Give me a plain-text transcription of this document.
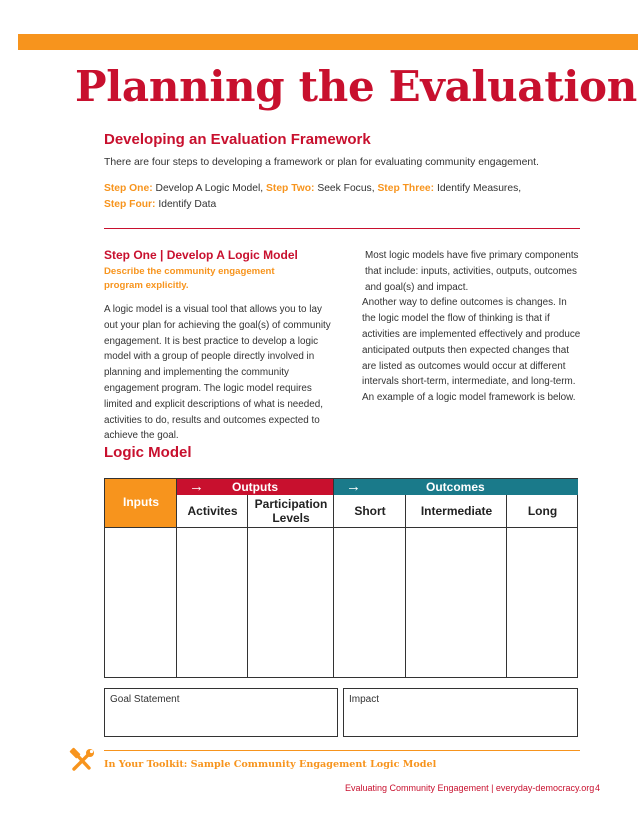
Planning the Evaluation
Developing an Evaluation Framework
There are four steps to developing a framework or plan for evaluating community engagement.
Step One: Develop A Logic Model, Step Two: Seek Focus, Step Three: Identify Measures,
Step Four: Identify Data
Step One | Develop A Logic Model
Describe the community engagement program explicitly.
A logic model is a visual tool that allows you to lay out your plan for achieving the goal(s) of community engagement. It is best practice to develop a logic model with a group of people directly involved in planning and implementing the community engagement program. The logic model requires limited and explicit descriptions of what is needed, activities to do, results and outcomes expected to achieve the goal.

Most logic models have five primary components that include: inputs, activities, outputs, outcomes and goal(s) and impact.

Another way to define outcomes is changes. In the logic model the flow of thinking is that if activities are implemented effectively and produce anticipated outputs then expected changes that are listed as outcomes would occur at different intervals short-term, intermediate, and long-term. An example of a logic model framework is below.

Logic Model
Inputs
→ Outputs	→	Outcomes
Activites	Participation Levels	Short	Intermediate	Long
Goal Statement	Impact
In Your Toolkit: Sample Community Engagement Logic Model
Evaluating Community Engagement | everyday-democracy.org 4
